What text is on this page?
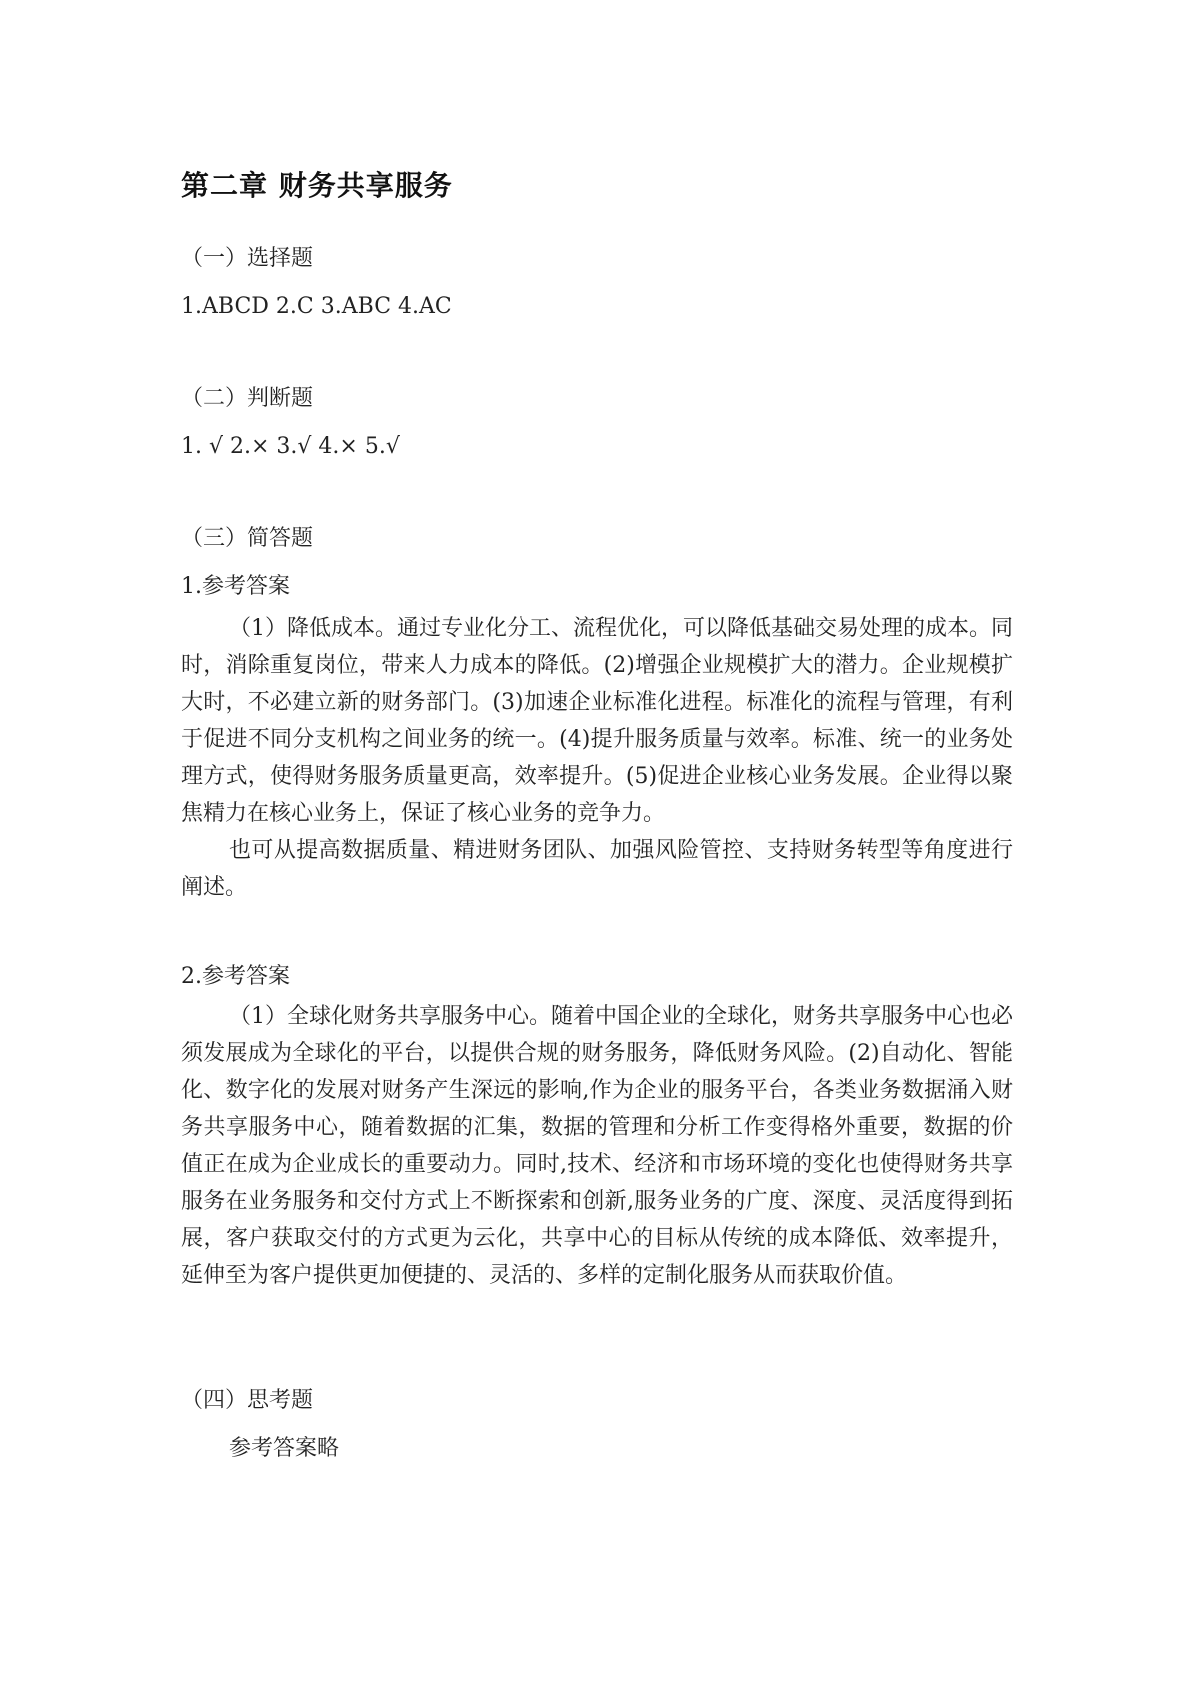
第二章 财务共享服务

（一）选择题

1.ABCD 2.C 3.ABC 4.AC

（二）判断题

1. √ 2.× 3.√ 4.× 5.√

（三）简答题

1.参考答案

（1）降低成本。通过专业化分工、流程优化，可以降低基础交易处理的成本。同时，消除重复岗位，带来人力成本的降低。(2)增强企业规模扩大的潜力。企业规模扩大时，不必建立新的财务部门。(3)加速企业标准化进程。标准化的流程与管理，有利于促进不同分支机构之间业务的统一。(4)提升服务质量与效率。标准、统一的业务处理方式，使得财务服务质量更高，效率提升。(5)促进企业核心业务发展。企业得以聚焦精力在核心业务上，保证了核心业务的竞争力。

也可从提高数据质量、精进财务团队、加强风险管控、支持财务转型等角度进行阐述。

2.参考答案

（1）全球化财务共享服务中心。随着中国企业的全球化，财务共享服务中心也必须发展成为全球化的平台，以提供合规的财务服务，降低财务风险。(2)自动化、智能化、数字化的发展对财务产生深远的影响,作为企业的服务平台，各类业务数据涌入财务共享服务中心，随着数据的汇集，数据的管理和分析工作变得格外重要，数据的价值正在成为企业成长的重要动力。同时,技术、经济和市场环境的变化也使得财务共享服务在业务服务和交付方式上不断探索和创新,服务业务的广度、深度、灵活度得到拓展，客户获取交付的方式更为云化，共享中心的目标从传统的成本降低、效率提升，延伸至为客户提供更加便捷的、灵活的、多样的定制化服务从而获取价值。

（四）思考题

参考答案略
